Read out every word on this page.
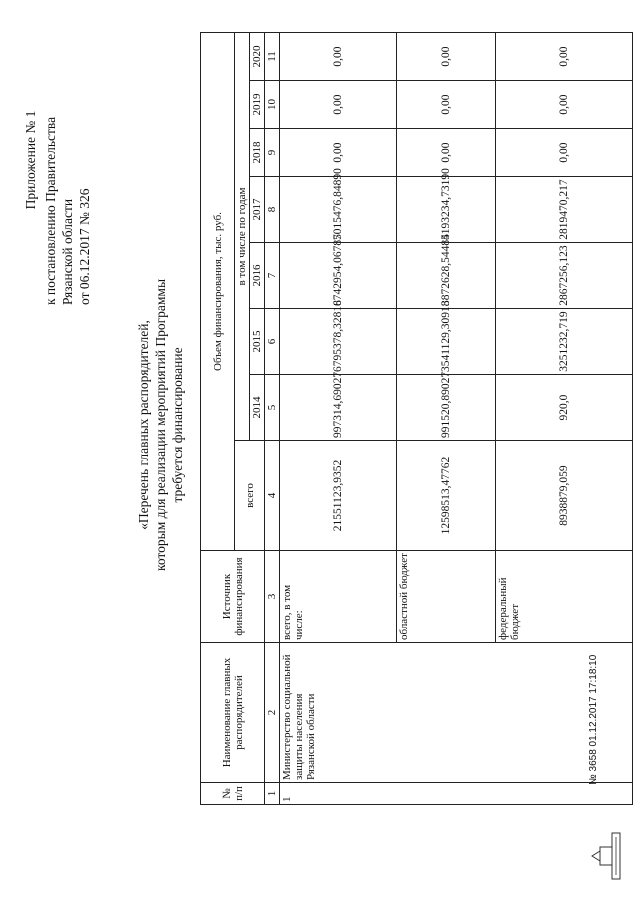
Приложение № 1 к постановлению Правительства Рязанской области от 06.12.2017 № 326
«Перечень главных распорядителей, которым для реализации мероприятий Программы требуется финансирование
№ п/п	Наименование главных распорядителей	Источник финансирования	Объем финансирования, тыс. руб.							
			всего	в том числе по годам						
				2014	2015	2016	2017	2018	2019	2020
1	2	3	4	5	6	7	8	9	10	11
1	Министерство социальной защиты населения Рязанской области	всего, в том числе:	21551123,9352	997314,69027	6795378,32818	6742954,06785	7015476,84890	0,00	0,00	0,00
		областной бюджет	12598513,47762	991520,89027	3541129,30918	3872628,54485	4193234,73190	0,00	0,00	0,00
		федеральный бюджет	8938879,059	920,0	3251232,719	2867256,123	2819470,217	0,00	0,00	0,00
№ 3658 01.12.2017 17:18:10
